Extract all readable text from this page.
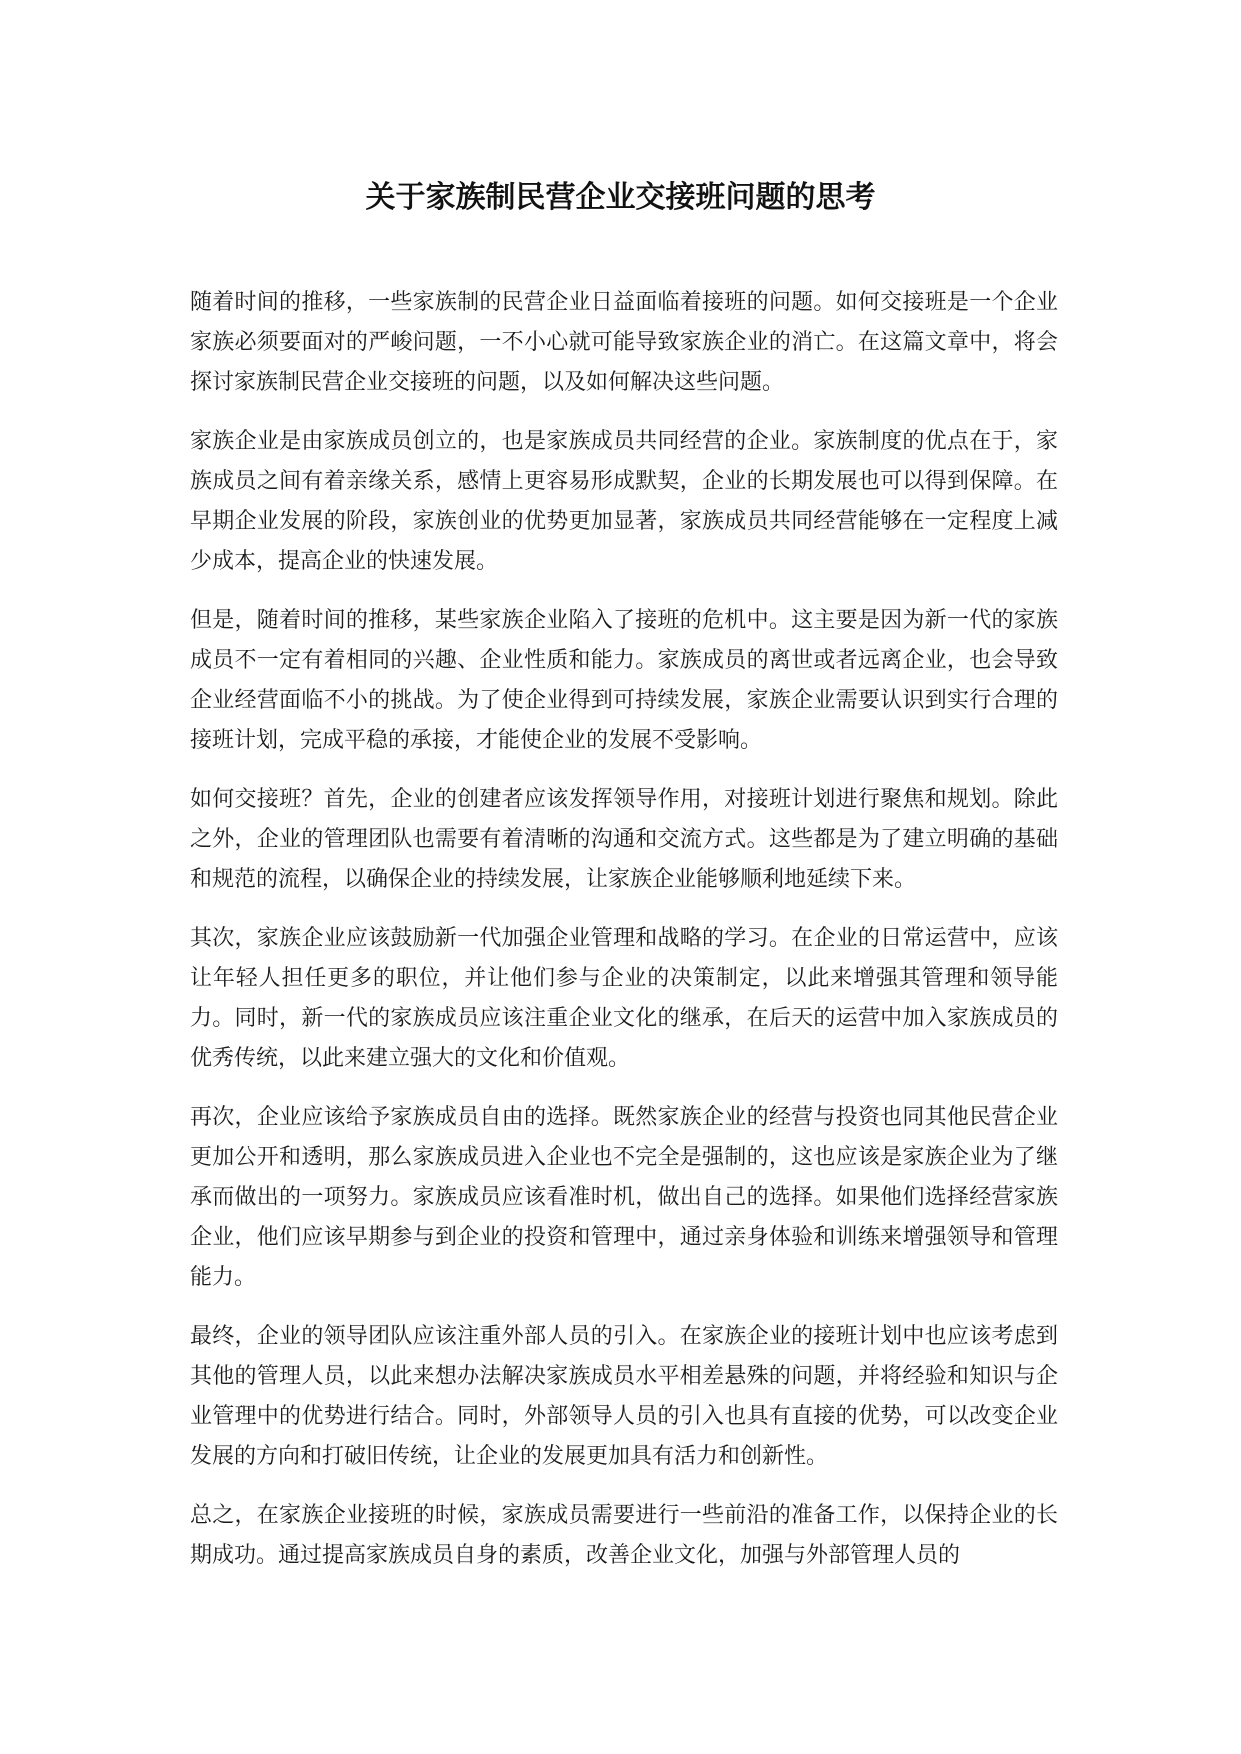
关于家族制民营企业交接班问题的思考

随着时间的推移，一些家族制的民营企业日益面临着接班的问题。如何交接班是一个企业家族必须要面对的严峻问题，一不小心就可能导致家族企业的消亡。在这篇文章中，将会探讨家族制民营企业交接班的问题，以及如何解决这些问题。

家族企业是由家族成员创立的，也是家族成员共同经营的企业。家族制度的优点在于，家族成员之间有着亲缘关系，感情上更容易形成默契，企业的长期发展也可以得到保障。在早期企业发展的阶段，家族创业的优势更加显著，家族成员共同经营能够在一定程度上减少成本，提高企业的快速发展。

但是，随着时间的推移，某些家族企业陷入了接班的危机中。这主要是因为新一代的家族成员不一定有着相同的兴趣、企业性质和能力。家族成员的离世或者远离企业，也会导致企业经营面临不小的挑战。为了使企业得到可持续发展，家族企业需要认识到实行合理的接班计划，完成平稳的承接，才能使企业的发展不受影响。

如何交接班？首先，企业的创建者应该发挥领导作用，对接班计划进行聚焦和规划。除此之外，企业的管理团队也需要有着清晰的沟通和交流方式。这些都是为了建立明确的基础和规范的流程，以确保企业的持续发展，让家族企业能够顺利地延续下来。

其次，家族企业应该鼓励新一代加强企业管理和战略的学习。在企业的日常运营中，应该让年轻人担任更多的职位，并让他们参与企业的决策制定，以此来增强其管理和领导能力。同时，新一代的家族成员应该注重企业文化的继承，在后天的运营中加入家族成员的优秀传统，以此来建立强大的文化和价值观。

再次，企业应该给予家族成员自由的选择。既然家族企业的经营与投资也同其他民营企业更加公开和透明，那么家族成员进入企业也不完全是强制的，这也应该是家族企业为了继承而做出的一项努力。家族成员应该看准时机，做出自己的选择。如果他们选择经营家族企业，他们应该早期参与到企业的投资和管理中，通过亲身体验和训练来增强领导和管理能力。

最终，企业的领导团队应该注重外部人员的引入。在家族企业的接班计划中也应该考虑到其他的管理人员，以此来想办法解决家族成员水平相差悬殊的问题，并将经验和知识与企业管理中的优势进行结合。同时，外部领导人员的引入也具有直接的优势，可以改变企业发展的方向和打破旧传统，让企业的发展更加具有活力和创新性。

总之，在家族企业接班的时候，家族成员需要进行一些前沿的准备工作，以保持企业的长期成功。通过提高家族成员自身的素质，改善企业文化，加强与外部管理人员的
